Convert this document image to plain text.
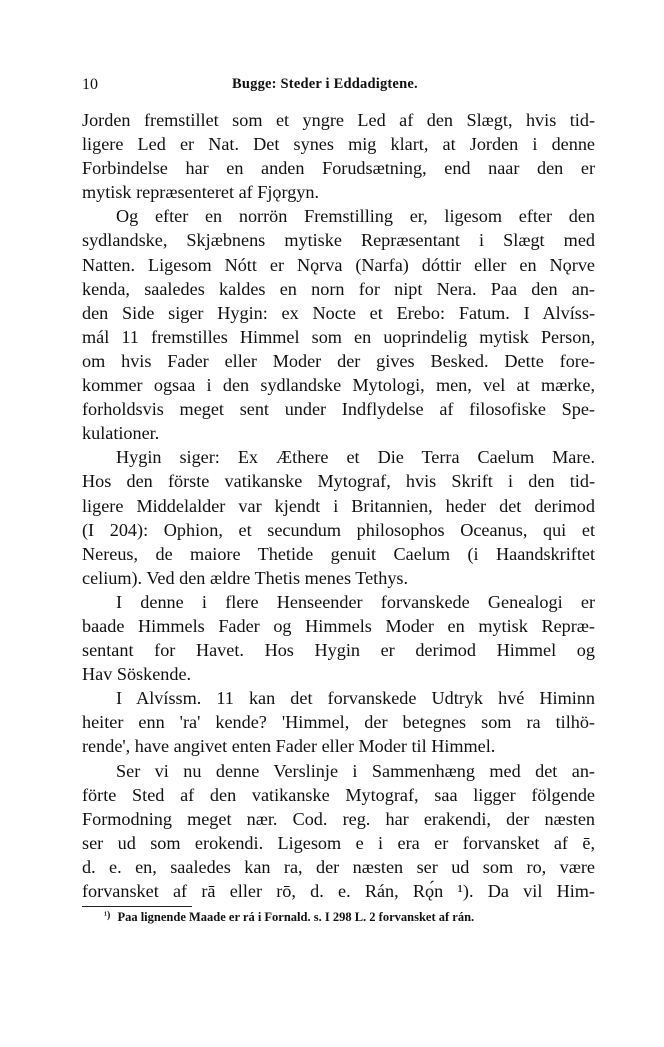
10	Bugge: Steder i Eddadigtene.
Jorden fremstillet som et yngre Led af den Slægt, hvis tid-
ligere Led er Nat. Det synes mig klart, at Jorden i denne
Forbindelse har en anden Forudsætning, end naar den er
mytisk repræsenteret af Fjǫrgyn.
Og efter en norrön Fremstilling er, ligesom efter den
sydlandske, Skjæbnens mytiske Repræsentant i Slægt med
Natten. Ligesom Nótt er Nǫrva (Narfa) dóttir eller en Nǫrve
kenda, saaledes kaldes en norn for nipt Nera. Paa den an-
den Side siger Hygin: ex Nocte et Erebo: Fatum. I Alvíss-
mál 11 fremstilles Himmel som en uoprindelig mytisk Person,
om hvis Fader eller Moder der gives Besked. Dette fore-
kommer ogsaa i den sydlandske Mytologi, men, vel at mærke,
forholdsvis meget sent under Indflydelse af filosofiske Spe-
kulationer.
Hygin siger: Ex Æthere et Die Terra Caelum Mare.
Hos den förste vatikanske Mytograf, hvis Skrift i den tid-
ligere Middelalder var kjendt i Britannien, heder det derimod
(I 204): Ophion, et secundum philosophos Oceanus, qui et
Nereus, de maiore Thetide genuit Caelum (i Haandskriftet
celium). Ved den ældre Thetis menes Tethys.
I denne i flere Henseender forvanskede Genealogi er
baade Himmels Fader og Himmels Moder en mytisk Repræ-
sentant for Havet. Hos Hygin er derimod Himmel og
Hav Söskende.
I Alvíssm. 11 kan det forvanskede Udtryk hvé Himinn
heiter enn 'ra' kende? 'Himmel, der betegnes som ra tilhö-
rende', have angivet enten Fader eller Moder til Himmel.
Ser vi nu denne Verslinje i Sammenhæng med det an-
förte Sted af den vatikanske Mytograf, saa ligger fölgende
Formodning meget nær. Cod. reg. har erakendi, der næsten
ser ud som erokendi. Ligesom e i era er forvansket af ē,
d. e. en, saaledes kan ra, der næsten ser ud som ro, være
forvansket af rā eller rō, d. e. Rán, Rǫ́n ¹). Da vil Him-
$^{^1)}$ Paa lignende Maade er rá i Fornald. s. I 298 L. 2 forvansket af rán.
